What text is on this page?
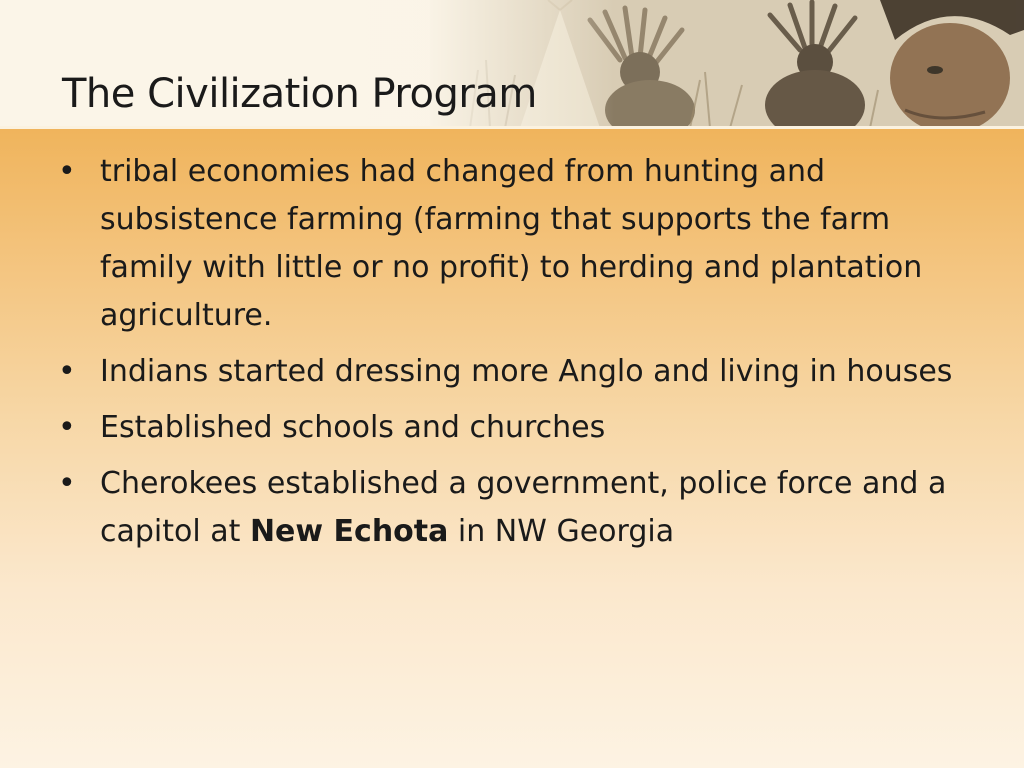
The Civilization Program
• tribal economies had changed from hunting and subsistence farming (farming that supports the farm family with little or no profit) to herding and plantation agriculture.
• Indians started dressing more Anglo and living in houses
• Established schools and churches
• Cherokees established a government, police force and a capitol at New Echota in NW Georgia
